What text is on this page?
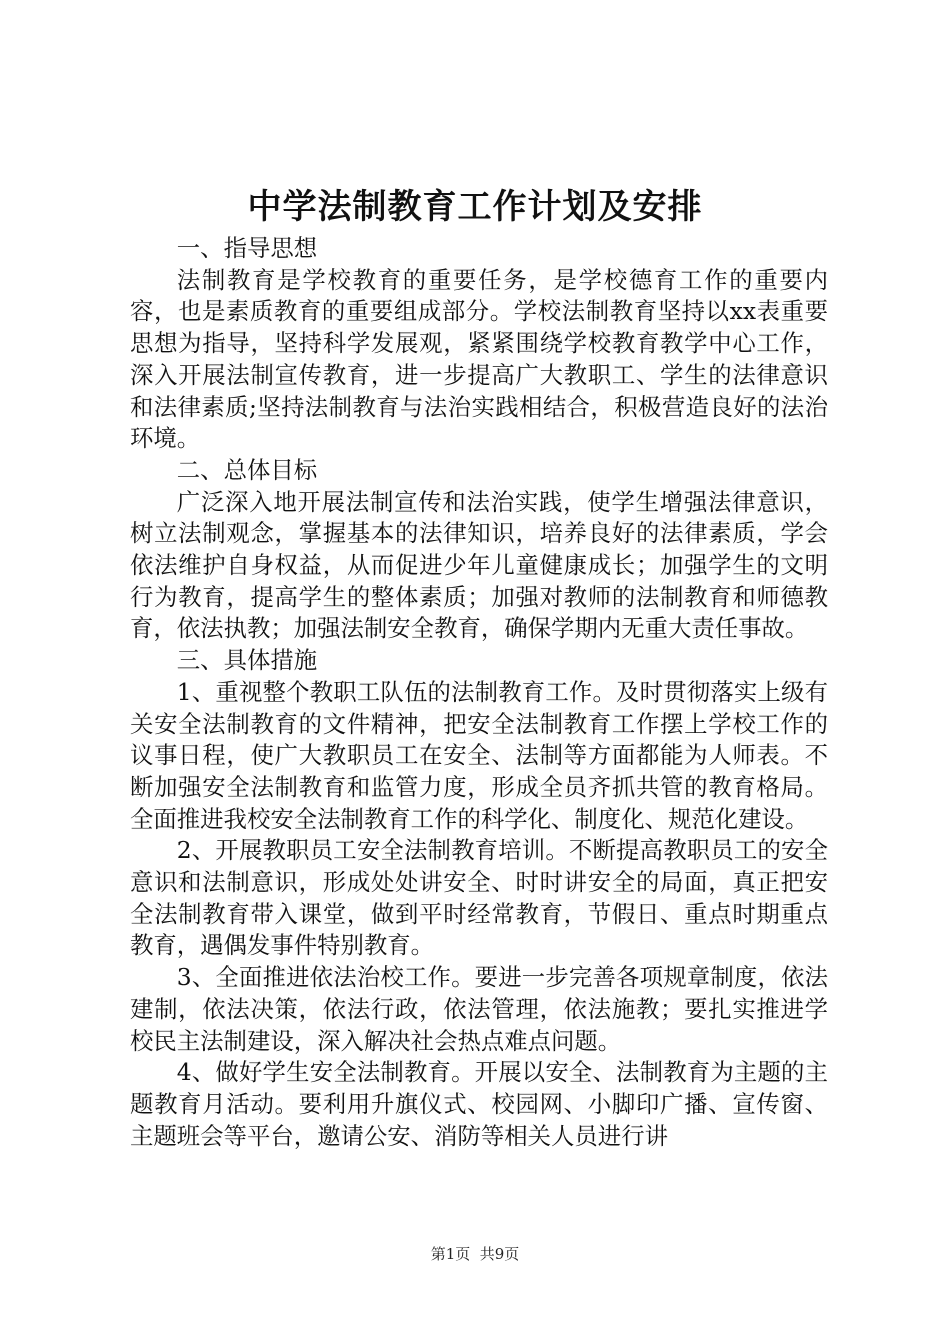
中学法制教育工作计划及安排

一、指导思想

法制教育是学校教育的重要任务，是学校德育工作的重要内容，也是素质教育的重要组成部分。学校法制教育坚持以xx表重要思想为指导，坚持科学发展观，紧紧围绕学校教育教学中心工作，深入开展法制宣传教育，进一步提高广大教职工、学生的法律意识和法律素质;坚持法制教育与法治实践相结合，积极营造良好的法治环境。

二、总体目标

广泛深入地开展法制宣传和法治实践，使学生增强法律意识，树立法制观念，掌握基本的法律知识，培养良好的法律素质，学会依法维护自身权益，从而促进少年儿童健康成长；加强学生的文明行为教育，提高学生的整体素质；加强对教师的法制教育和师德教育，依法执教；加强法制安全教育，确保学期内无重大责任事故。

三、具体措施

1、重视整个教职工队伍的法制教育工作。及时贯彻落实上级有关安全法制教育的文件精神，把安全法制教育工作摆上学校工作的议事日程，使广大教职员工在安全、法制等方面都能为人师表。不断加强安全法制教育和监管力度，形成全员齐抓共管的教育格局。全面推进我校安全法制教育工作的科学化、制度化、规范化建设。

2、开展教职员工安全法制教育培训。不断提高教职员工的安全意识和法制意识，形成处处讲安全、时时讲安全的局面，真正把安全法制教育带入课堂，做到平时经常教育，节假日、重点时期重点教育，遇偶发事件特别教育。

3、全面推进依法治校工作。要进一步完善各项规章制度，依法建制，依法决策，依法行政，依法管理，依法施教；要扎实推进学校民主法制建设，深入解决社会热点难点问题。

4、做好学生安全法制教育。开展以安全、法制教育为主题的主题教育月活动。要利用升旗仪式、校园网、小脚印广播、宣传窗、主题班会等平台，邀请公安、消防等相关人员进行讲

第1页  共9页
